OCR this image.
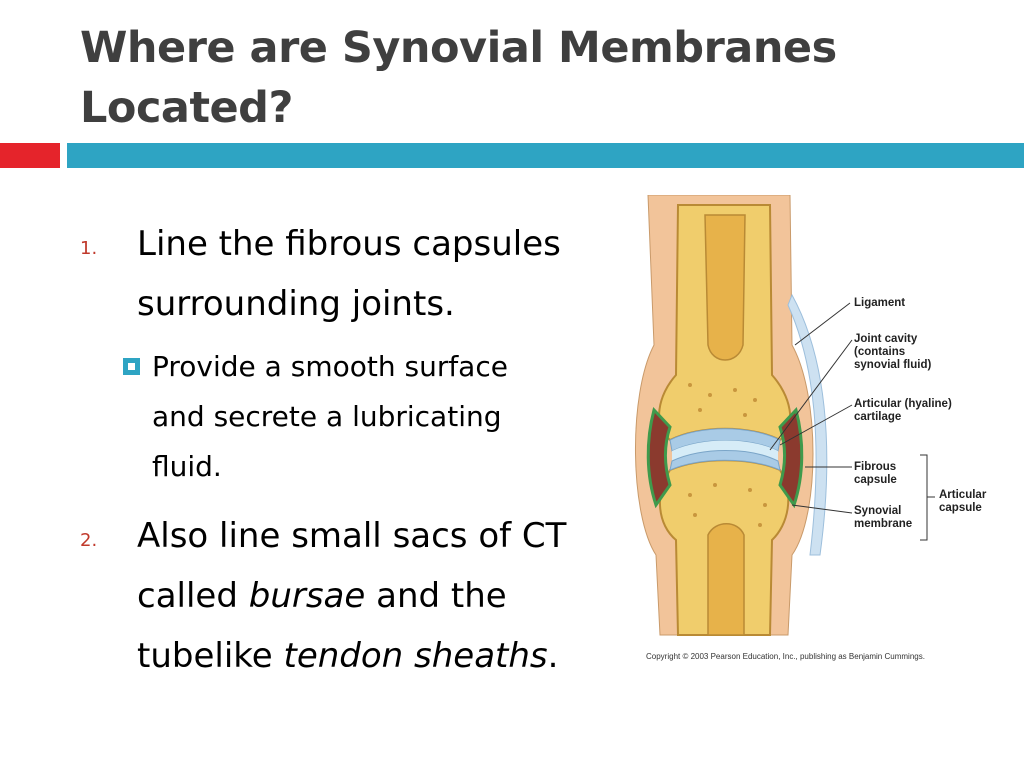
Where are Synovial Membranes Located?
1. Line the fibrous capsules
surrounding joints.
Provide a smooth surface
and secrete a lubricating
fluid.
2. Also line small sacs of CT
called bursae and the
tubelike tendon sheaths.
Ligament
Joint cavity
(contains
synovial fluid)
Articular (hyaline)
cartilage
Fibrous
capsule
Synovial
membrane
Articular
capsule
Copyright © 2003 Pearson Education, Inc., publishing as Benjamin Cummings.
